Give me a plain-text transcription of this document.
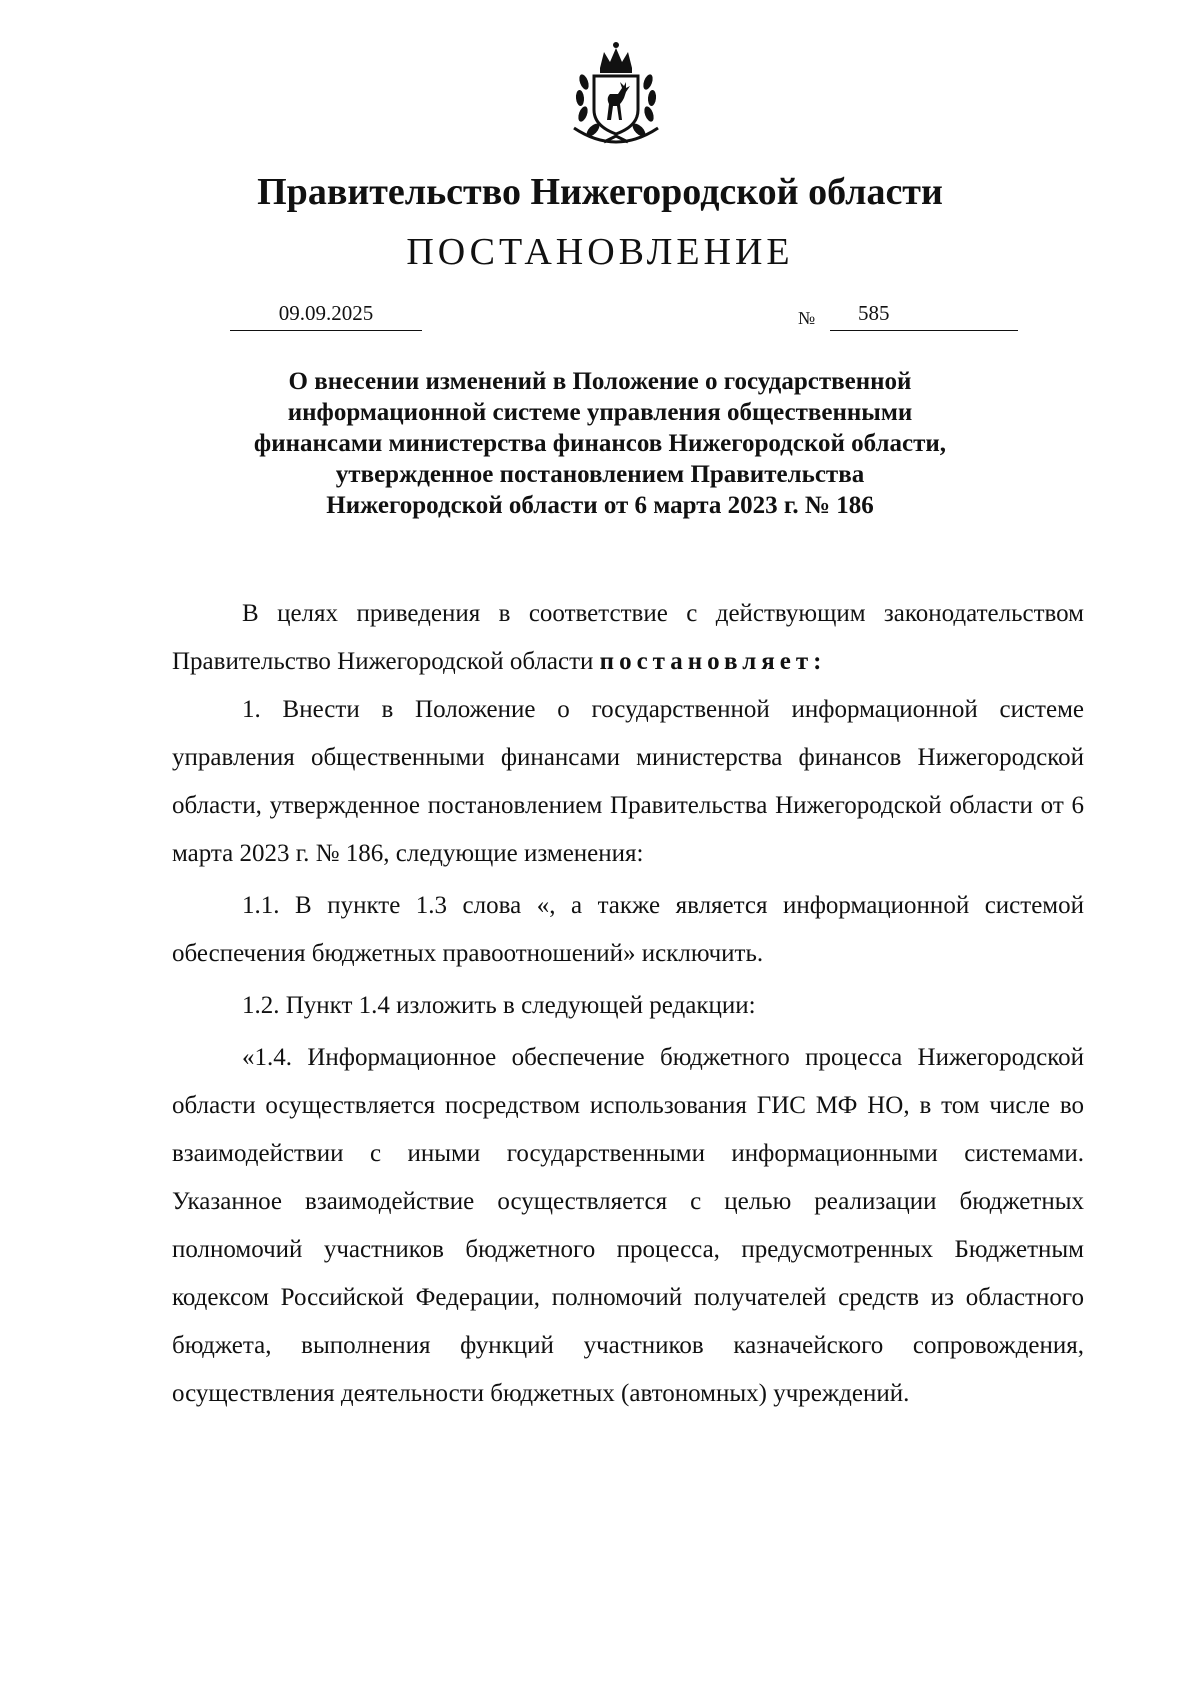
Правительство Нижегородской области
ПОСТАНОВЛЕНИЕ
09.09.2025	№ 585
О внесении изменений в Положение о государственной
информационной системе управления общественными
финансами министерства финансов Нижегородской области,
утвержденное постановлением Правительства
Нижегородской области от 6 марта 2023 г. № 186

В целях приведения в соответствие с действующим законодательством Правительство Нижегородской области постановляет:

1. Внести в Положение о государственной информационной системе управления общественными финансами министерства финансов Нижегородской области, утвержденное постановлением Правительства Нижегородской области от 6 марта 2023 г. № 186, следующие изменения:

1.1. В пункте 1.3 слова «, а также является информационной системой обеспечения бюджетных правоотношений» исключить.

1.2. Пункт 1.4 изложить в следующей редакции:

«1.4. Информационное обеспечение бюджетного процесса Нижегородской области осуществляется посредством использования ГИС МФ НО, в том числе во взаимодействии с иными государственными информационными системами. Указанное взаимодействие осуществляется с целью реализации бюджетных полномочий участников бюджетного процесса, предусмотренных Бюджетным кодексом Российской Федерации, полномочий получателей средств из областного бюджета, выполнения функций участников казначейского сопровождения, осуществления деятельности бюджетных (автономных) учреждений.
